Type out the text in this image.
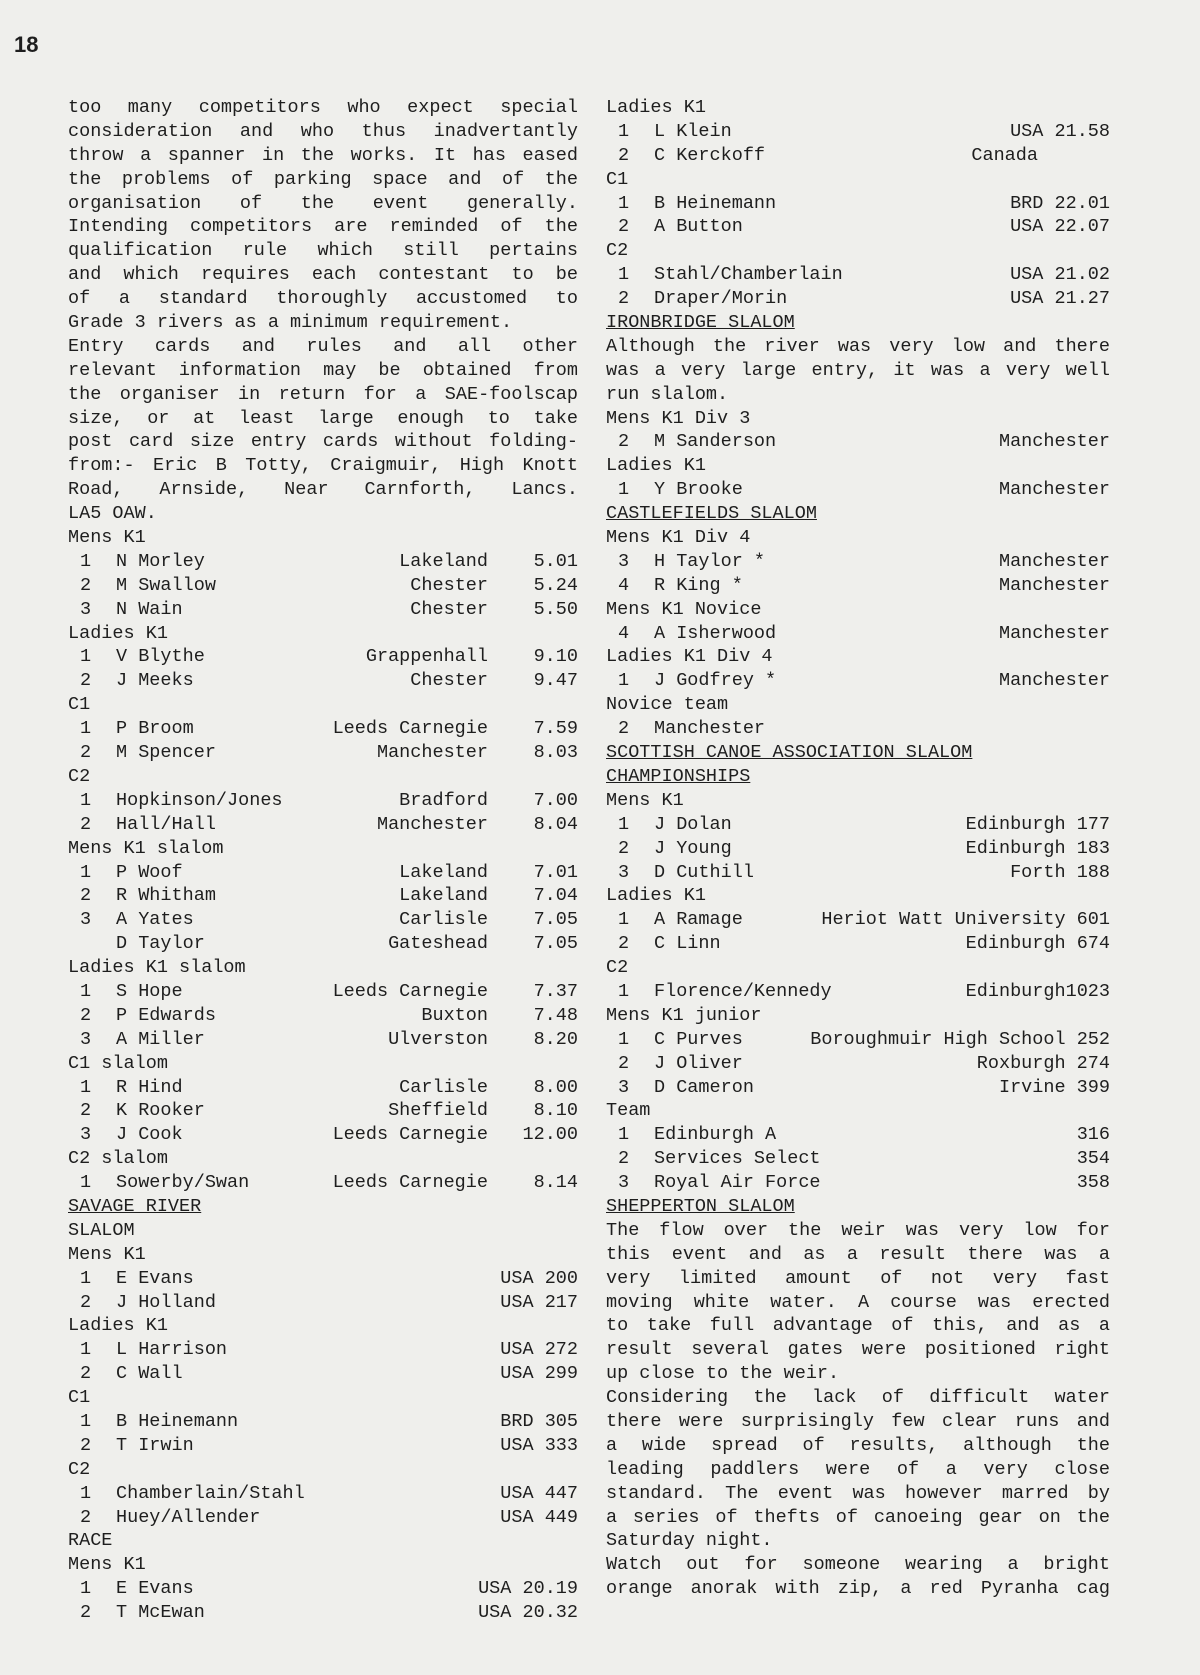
18
too many competitors who expect special
consideration and who thus inadvertantly
throw a spanner in the works. It has eased
the problems of parking space and of the
organisation of the event generally.
Intending competitors are reminded of the
qualification rule which still pertains
and which requires each contestant to be
of a standard thoroughly accustomed to
Grade 3 rivers as a minimum requirement.
Entry cards and rules and all other
relevant information may be obtained from
the organiser in return for a SAE-foolscap
size, or at least large enough to take
post card size entry cards without folding-
from:- Eric B Totty, Craigmuir, High Knott
Road, Arnside, Near Carnforth, Lancs.
LA5 OAW.
Mens K1
1 N Morley	Lakeland 5.01
2 M Swallow	Chester 5.24
3 N Wain	Chester 5.50
Ladies K1
1 V Blythe	Grappenhall 9.10
2 J Meeks	Chester 9.47
C1
1 P Broom	Leeds Carnegie 7.59
2 M Spencer	Manchester 8.03
C2
1 Hopkinson/Jones	Bradford 7.00
2 Hall/Hall	Manchester 8.04
Mens K1 slalom
1 P Woof	Lakeland 7.01
2 R Whitham	Lakeland 7.04
3 A Yates	Carlisle 7.05
D Taylor	Gateshead 7.05
Ladies K1 slalom
1 S Hope	Leeds Carnegie 7.37
2 P Edwards	Buxton 7.48
3 A Miller	Ulverston 8.20
C1 slalom
1 R Hind	Carlisle 8.00
2 K Rooker	Sheffield 8.10
3 J Cook	Leeds Carnegie 12.00
C2 slalom
1 Sowerby/Swan	Leeds Carnegie 8.14
SAVAGE RIVER
SLALOM
Mens K1
1 E Evans	USA 200
2 J Holland	USA 217
Ladies K1
1 L Harrison	USA 272
2 C Wall	USA 299
C1
1 B Heinemann	BRD 305
2 T Irwin	USA 333
C2
1 Chamberlain/Stahl	USA 447
2 Huey/Allender	USA 449
RACE
Mens K1
1 E Evans	USA 20.19
2 T McEwan	USA 20.32
Ladies K1
1 L Klein	USA 21.58
2 C Kerckoff	Canada
C1
1 B Heinemann	BRD 22.01
2 A Button	USA 22.07
C2
1 Stahl/Chamberlain	USA 21.02
2 Draper/Morin	USA 21.27
IRONBRIDGE SLALOM
Although the river was very low and there
was a very large entry, it was a very well
run slalom.
Mens K1 Div 3
2 M Sanderson	Manchester
Ladies K1
1 Y Brooke	Manchester
CASTLEFIELDS SLALOM
Mens K1 Div 4
3 H Taylor *	Manchester
4 R King *	Manchester
Mens K1 Novice
4 A Isherwood	Manchester
Ladies K1 Div 4
1 J Godfrey *	Manchester
Novice team
2 Manchester
SCOTTISH CANOE ASSOCIATION SLALOM
CHAMPIONSHIPS
Mens K1
1 J Dolan	Edinburgh 177
2 J Young	Edinburgh 183
3 D Cuthill	Forth 188
Ladies K1
1 A Ramage	Heriot Watt University 601
2 C Linn	Edinburgh 674
C2
1 Florence/Kennedy	Edinburgh1023
Mens K1 junior
1 C Purves	Boroughmuir High School 252
2 J Oliver	Roxburgh 274
3 D Cameron	Irvine 399
Team
1 Edinburgh A	316
2 Services Select	354
3 Royal Air Force	358
SHEPPERTON SLALOM
The flow over the weir was very low for
this event and as a result there was a
very limited amount of not very fast
moving white water. A course was erected
to take full advantage of this, and as a
result several gates were positioned right
up close to the weir.
Considering the lack of difficult water
there were surprisingly few clear runs and
a wide spread of results, although the
leading paddlers were of a very close
standard. The event was however marred by
a series of thefts of canoeing gear on the
Saturday night.
Watch out for someone wearing a bright
orange anorak with zip, a red Pyranha cag
